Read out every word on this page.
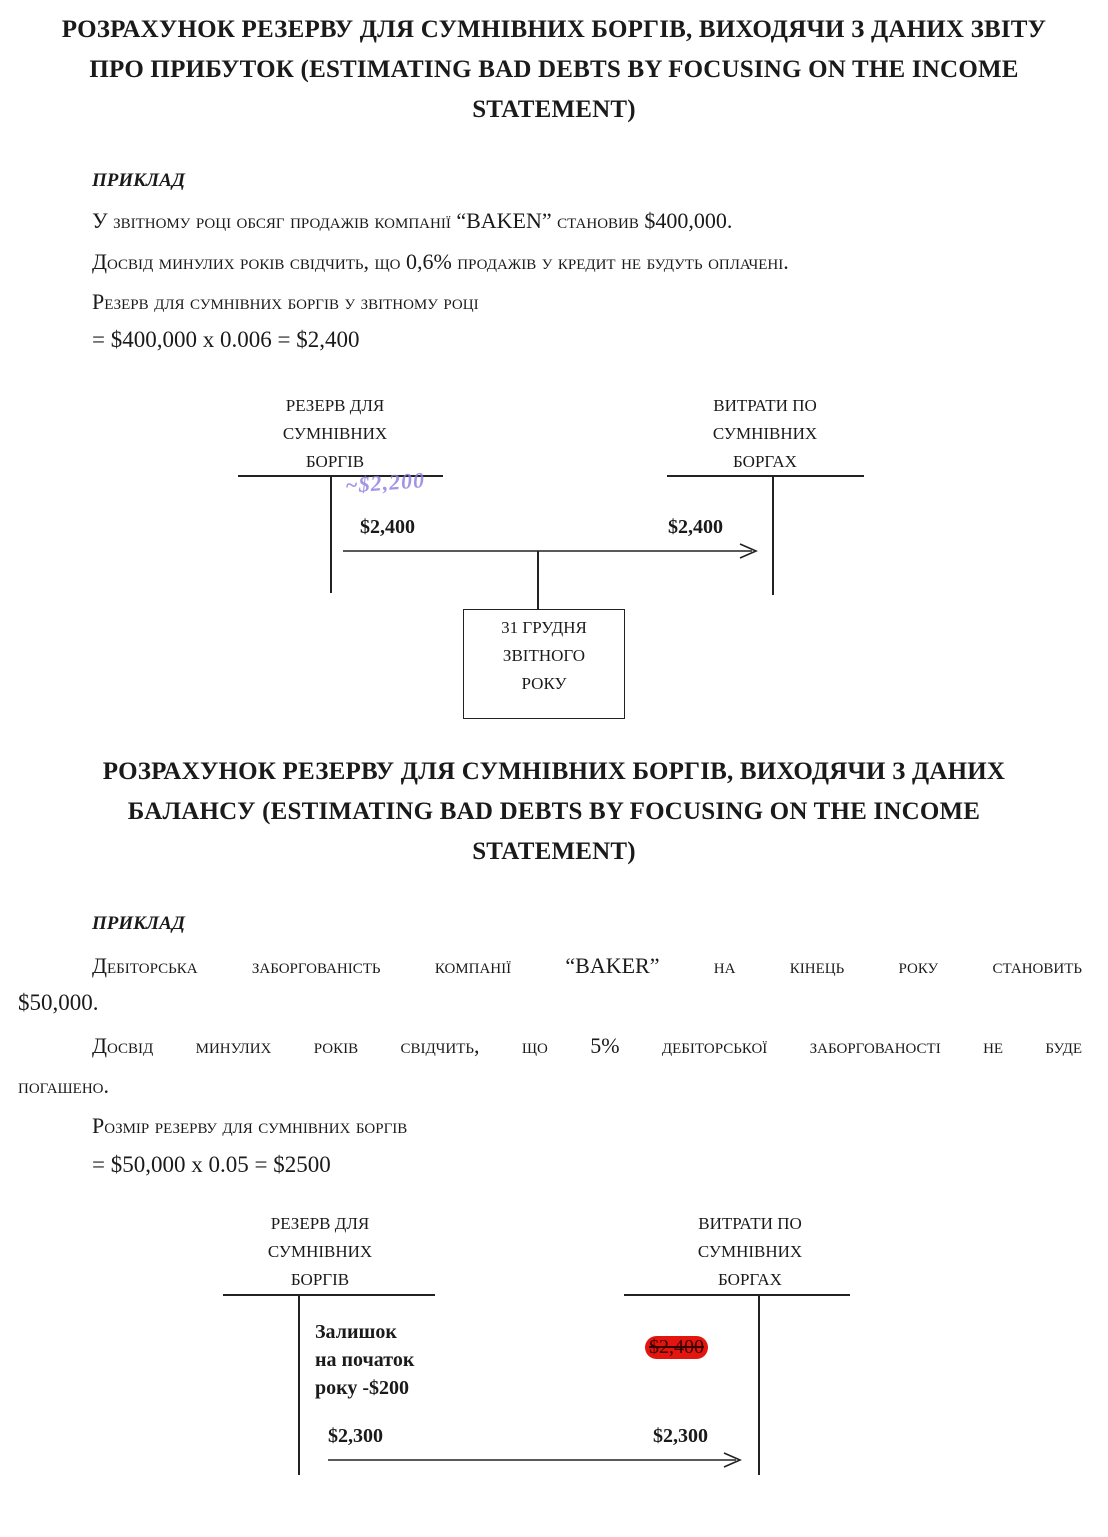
РОЗРАХУНОК РЕЗЕРВУ ДЛЯ СУМНІВНИХ БОРГІВ, ВИХОДЯЧИ З ДАНИХ ЗВІТУ
ПРО ПРИБУТОК (ESTIMATING BAD DEBTS BY FOCUSING ON THE INCOME
STATEMENT)
ПРИКЛАД
У звітному році обсяг продажів компанії “BAKEN” становив $400,000.
Досвід минулих років свідчить, що 0,6% продажів у кредит не будуть оплачені.
Резерв для сумнівних боргів у звітному році
= $400,000 х 0.006 = $2,400
РЕЗЕРВ ДЛЯ
СУМНІВНИХ
БОРГІВ
ВИТРАТИ ПО
СУМНІВНИХ
БОРГАХ
~$2,200
$2,400	$2,400
31 ГРУДНЯ
ЗВІТНОГО
РОКУ
РОЗРАХУНОК РЕЗЕРВУ ДЛЯ СУМНІВНИХ БОРГІВ, ВИХОДЯЧИ З ДАНИХ
БАЛАНСУ (ESTIMATING BAD DEBTS BY FOCUSING ON THE INCOME
STATEMENT)
ПРИКЛАД
Дебіторська заборгованість компанії “BAKER” на кінець року становить
$50,000.
Досвід минулих років свідчить, що 5% дебіторської заборгованості не буде
погашено.
Розмір резерву для сумнівних боргів
= $50,000 х 0.05 = $2500
РЕЗЕРВ ДЛЯ
СУМНІВНИХ
БОРГІВ
ВИТРАТИ ПО
СУМНІВНИХ
БОРГАХ
Залишок
на початок
року -$200
$2,400
$2,300	$2,300
